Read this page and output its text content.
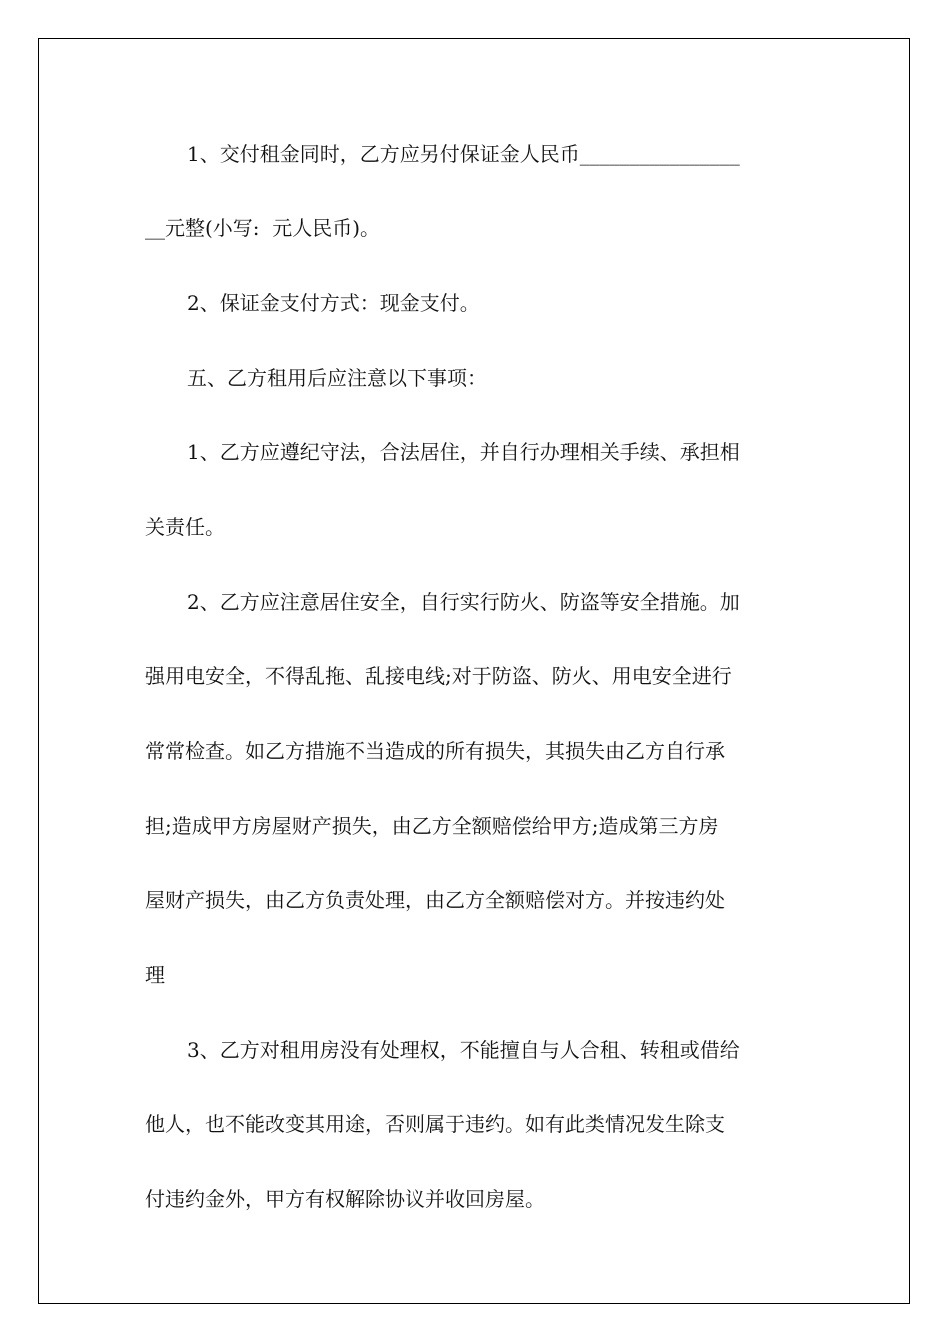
1、交付租金同时，乙方应另付保证金人民币________________
__元整(小写:  元人民币)。
2、保证金支付方式：现金支付。
五、乙方租用后应注意以下事项：
1、乙方应遵纪守法，合法居住，并自行办理相关手续、承担相
关责任。
2、乙方应注意居住安全，自行实行防火、防盗等安全措施。加
强用电安全，不得乱拖、乱接电线;对于防盗、防火、用电安全进行
常常检查。如乙方措施不当造成的所有损失，其损失由乙方自行承
担;造成甲方房屋财产损失，由乙方全额赔偿给甲方;造成第三方房
屋财产损失，由乙方负责处理，由乙方全额赔偿对方。并按违约处
理
3、乙方对租用房没有处理权，不能擅自与人合租、转租或借给
他人，也不能改变其用途，否则属于违约。如有此类情况发生除支
付违约金外，甲方有权解除协议并收回房屋。
